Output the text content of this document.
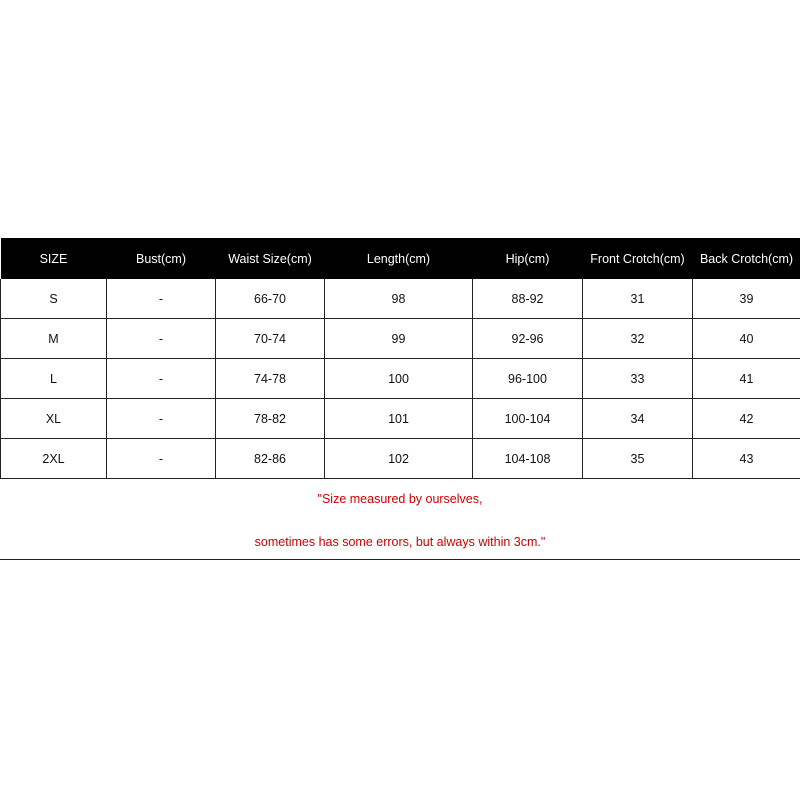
SIZE	Bust(cm)	Waist Size(cm)	Length(cm)	Hip(cm)	Front Crotch(cm)	Back Crotch(cm)
S	-	66-70	98	88-92	31	39
M	-	70-74	99	92-96	32	40
L	-	74-78	100	96-100	33	41
XL	-	78-82	101	100-104	34	42
2XL	-	82-86	102	104-108	35	43
"Size measured by ourselves,
sometimes has some errors, but always within 3cm."
